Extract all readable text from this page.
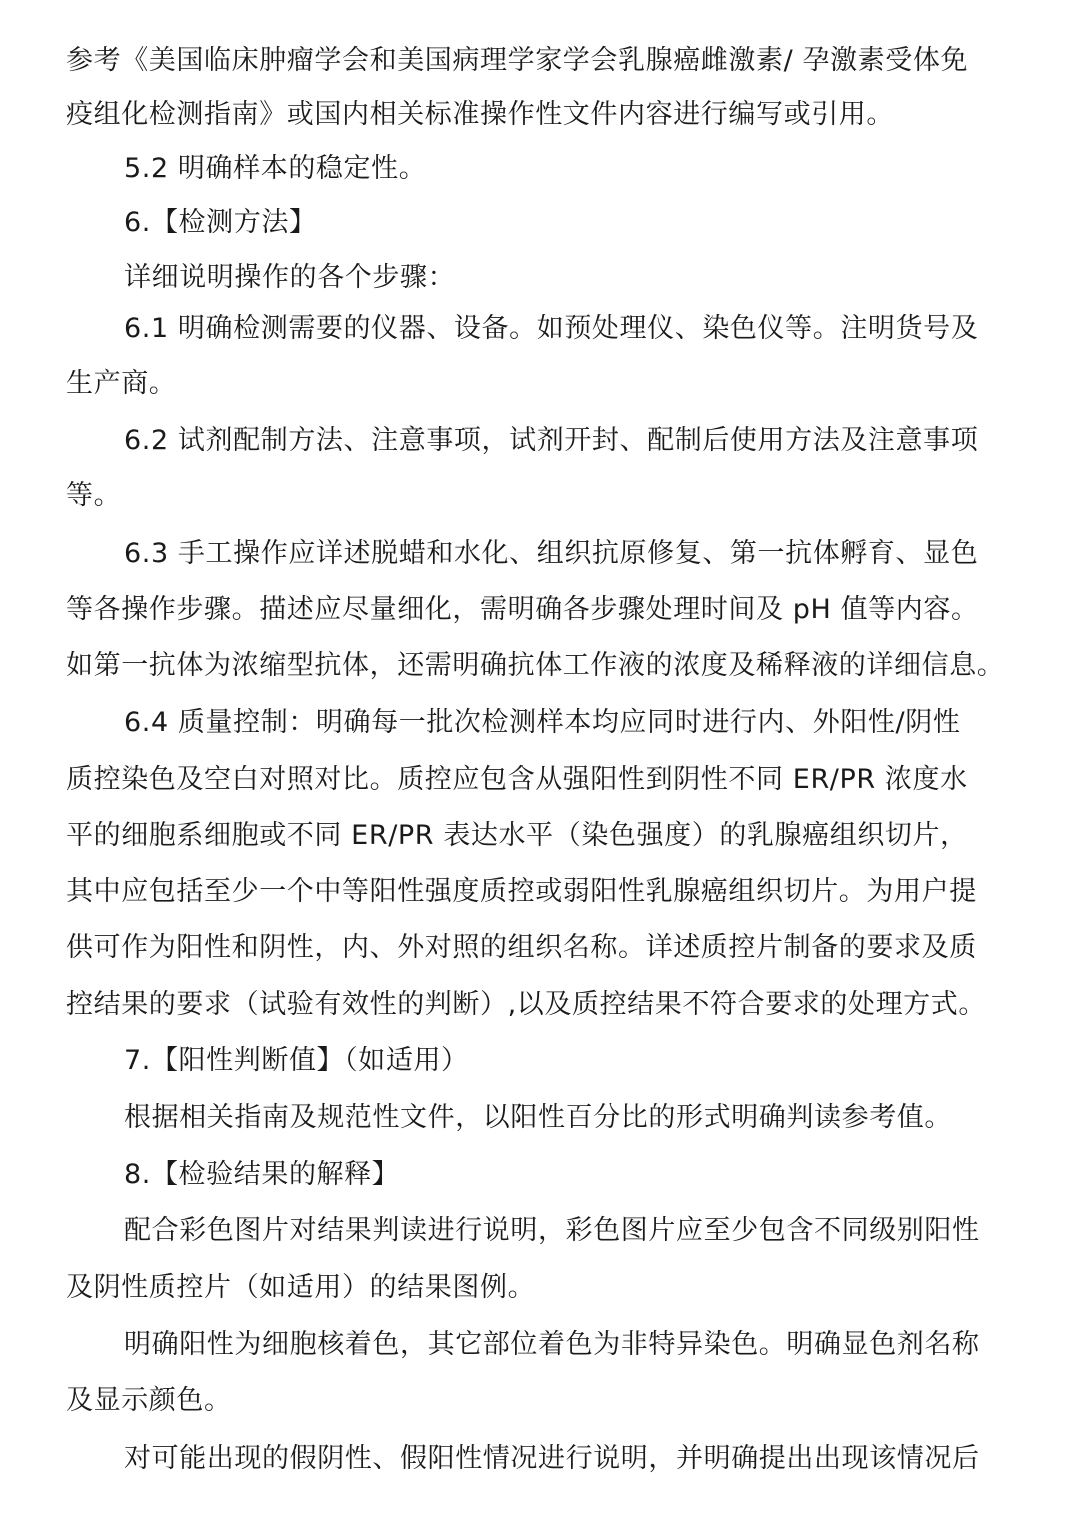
参考《美国临床肿瘤学会和美国病理学家学会乳腺癌雌激素/ 孕激素受体免
疫组化检测指南》或国内相关标准操作性文件内容进行编写或引用。
5.2 明确样本的稳定性。
6.【检测方法】
详细说明操作的各个步骤：
6.1 明确检测需要的仪器、设备。如预处理仪、染色仪等。注明货号及
生产商。
6.2 试剂配制方法、注意事项，试剂开封、配制后使用方法及注意事项
等。
6.3 手工操作应详述脱蜡和水化、组织抗原修复、第一抗体孵育、显色
等各操作步骤。描述应尽量细化，需明确各步骤处理时间及 pH 值等内容。
如第一抗体为浓缩型抗体，还需明确抗体工作液的浓度及稀释液的详细信息。
6.4 质量控制：明确每一批次检测样本均应同时进行内、外阳性/阴性
质控染色及空白对照对比。质控应包含从强阳性到阴性不同 ER/PR 浓度水
平的细胞系细胞或不同 ER/PR 表达水平（染色强度）的乳腺癌组织切片，
其中应包括至少一个中等阳性强度质控或弱阳性乳腺癌组织切片。为用户提
供可作为阳性和阴性，内、外对照的组织名称。详述质控片制备的要求及质
控结果的要求（试验有效性的判断）,以及质控结果不符合要求的处理方式。
7.【阳性判断值】（如适用）
根据相关指南及规范性文件，以阳性百分比的形式明确判读参考值。
8.【检验结果的解释】
配合彩色图片对结果判读进行说明，彩色图片应至少包含不同级别阳性
及阴性质控片（如适用）的结果图例。
明确阳性为细胞核着色，其它部位着色为非特异染色。明确显色剂名称
及显示颜色。
对可能出现的假阴性、假阳性情况进行说明，并明确提出出现该情况后
